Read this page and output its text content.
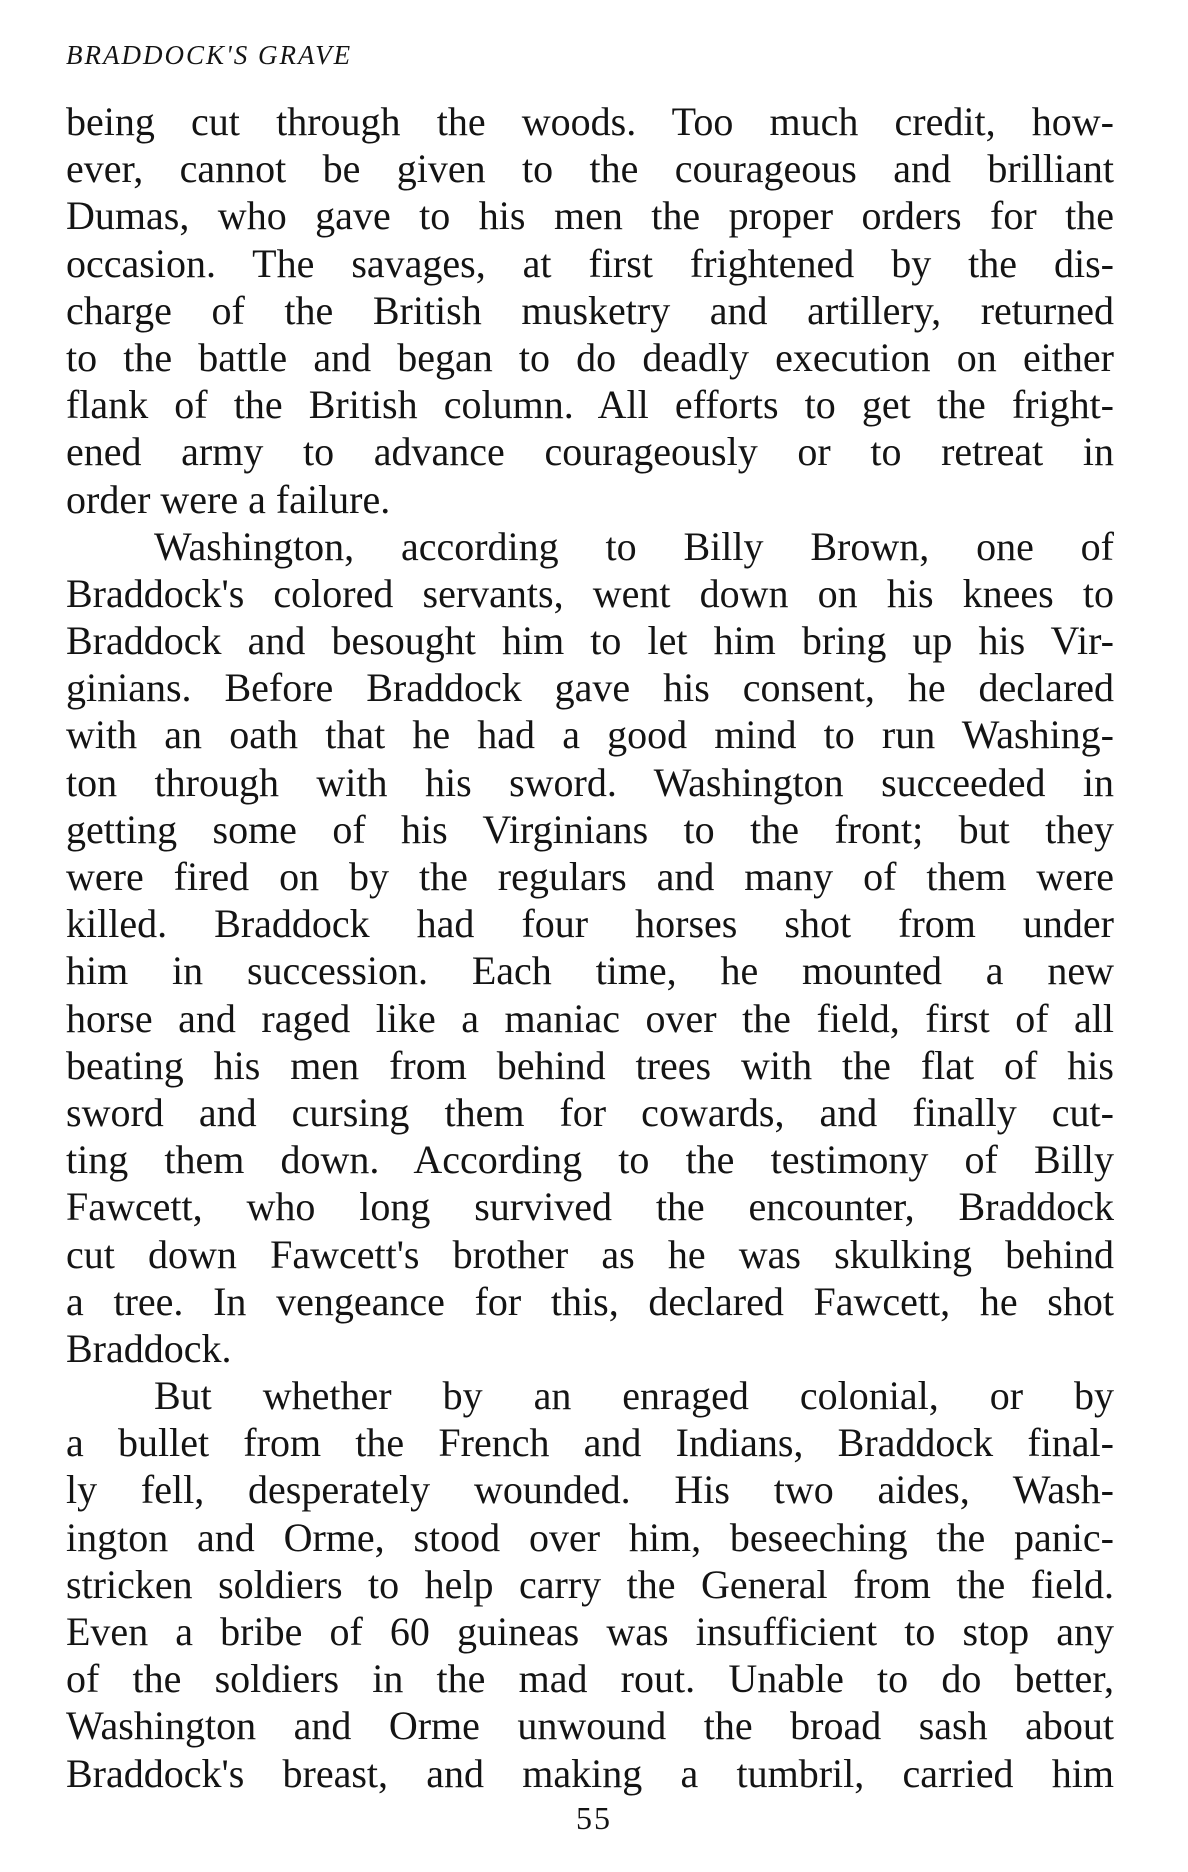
BRADDOCK'S GRAVE
being cut through the woods. Too much credit, how-
ever, cannot be given to the courageous and brilliant
Dumas, who gave to his men the proper orders for the
occasion. The savages, at first frightened by the dis-
charge of the British musketry and artillery, returned
to the battle and began to do deadly execution on either
flank of the British column. All efforts to get the fright-
ened army to advance courageously or to retreat in
order were a failure.
Washington, according to Billy Brown, one of
Braddock's colored servants, went down on his knees to
Braddock and besought him to let him bring up his Vir-
ginians. Before Braddock gave his consent, he declared
with an oath that he had a good mind to run Washing-
ton through with his sword. Washington succeeded in
getting some of his Virginians to the front; but they
were fired on by the regulars and many of them were
killed. Braddock had four horses shot from under
him in succession. Each time, he mounted a new
horse and raged like a maniac over the field, first of all
beating his men from behind trees with the flat of his
sword and cursing them for cowards, and finally cut-
ting them down. According to the testimony of Billy
Fawcett, who long survived the encounter, Braddock
cut down Fawcett's brother as he was skulking behind
a tree. In vengeance for this, declared Fawcett, he shot
Braddock.
But whether by an enraged colonial, or by
a bullet from the French and Indians, Braddock final-
ly fell, desperately wounded. His two aides, Wash-
ington and Orme, stood over him, beseeching the panic-
stricken soldiers to help carry the General from the field.
Even a bribe of 60 guineas was insufficient to stop any
of the soldiers in the mad rout. Unable to do better,
Washington and Orme unwound the broad sash about
Braddock's breast, and making a tumbril, carried him
55
